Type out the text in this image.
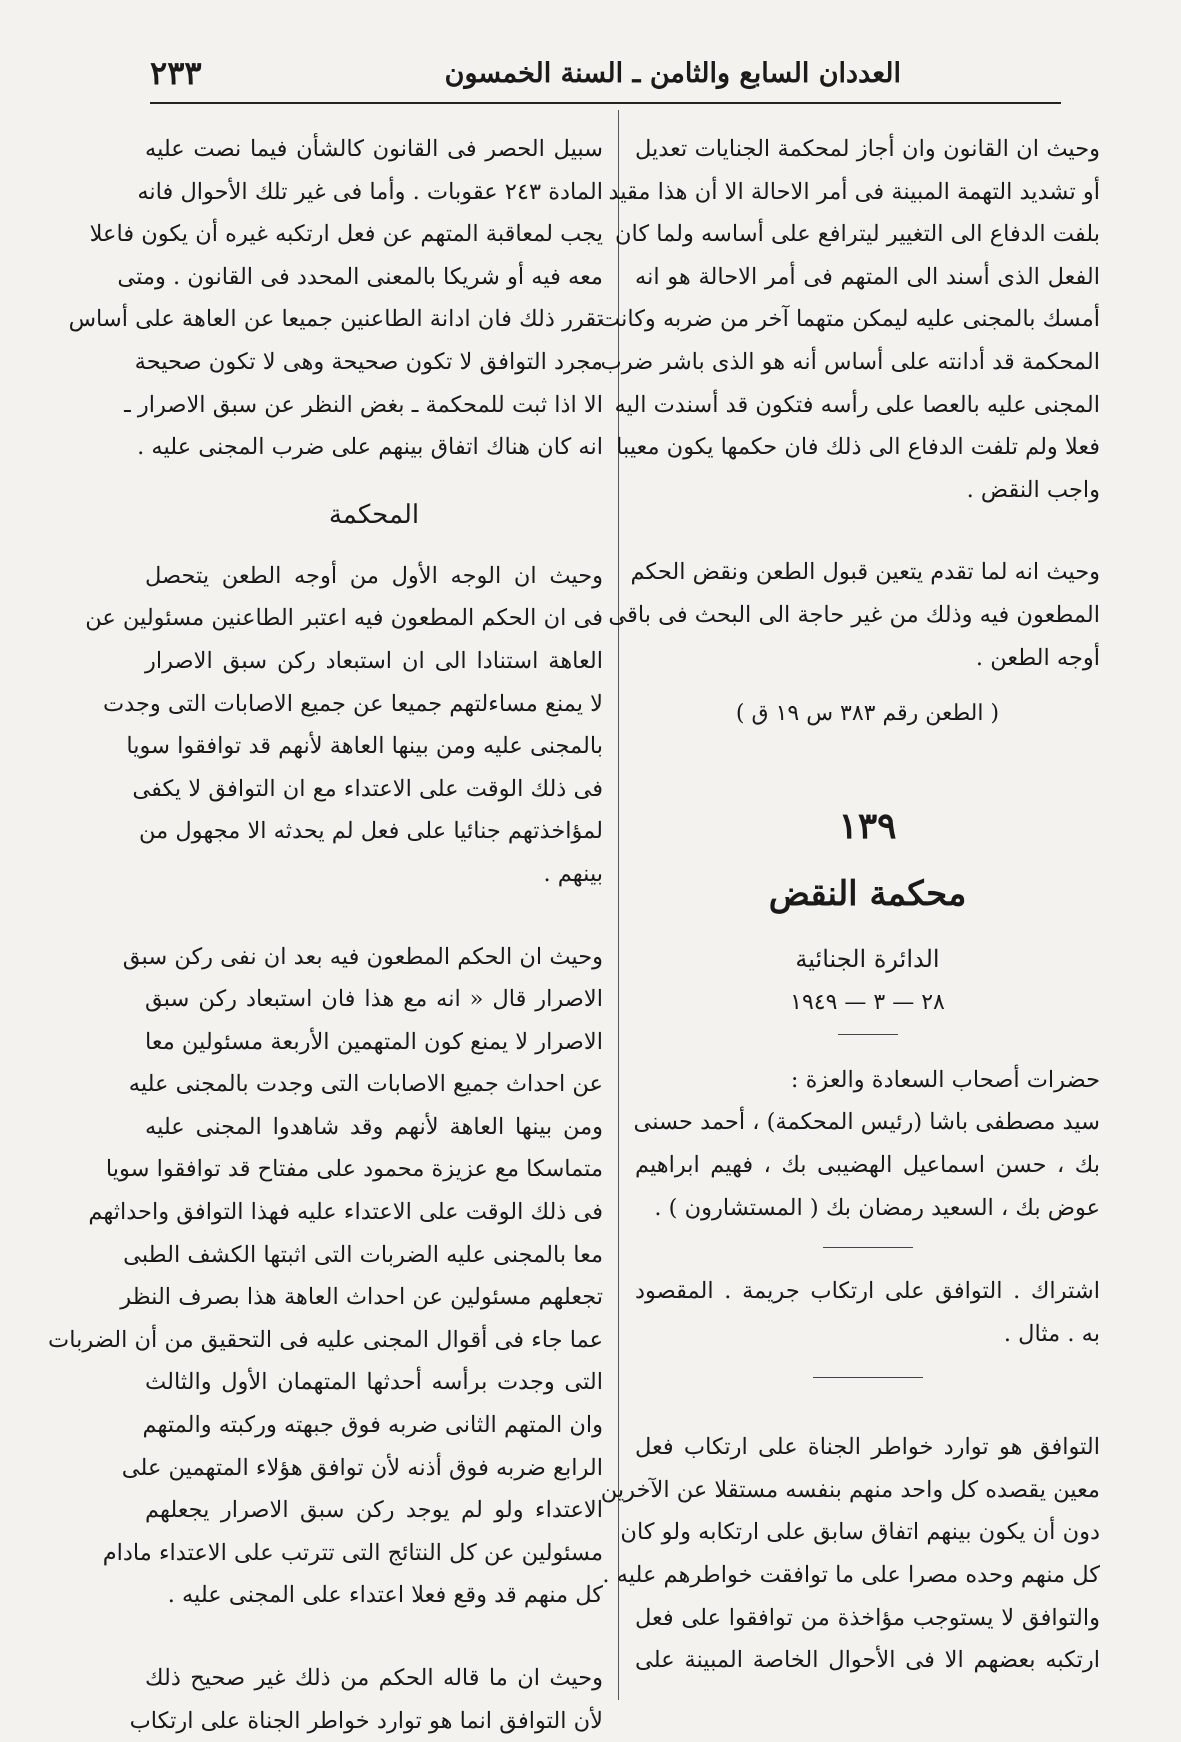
العددان السابع والثامن ـ السنة الخمسون
٢٣٣

وحيث ان القانون وان أجاز لمحكمة الجنايات تعديل
أو تشديد التهمة المبينة فى أمر الاحالة الا أن هذا مقيد
بلفت الدفاع الى التغيير ليترافع على أساسه ولما كان
الفعل الذى أسند الى المتهم فى أمر الاحالة هو انه
أمسك بالمجنى عليه ليمكن متهما آخر من ضربه وكانت
المحكمة قد أدانته على أساس أنه هو الذى باشر ضرب
المجنى عليه بالعصا على رأسه فتكون قد أسندت اليه
فعلا ولم تلفت الدفاع الى ذلك فان حكمها يكون معيبا
واجب النقض .

وحيث انه لما تقدم يتعين قبول الطعن ونقض الحكم
المطعون فيه وذلك من غير حاجة الى البحث فى باقى
أوجه الطعن .

( الطعن رقم ٣٨٣ س ١٩ ق )

١٣٩
محكمة النقض
الدائرة الجنائية
٢٨ — ٣ — ١٩٤٩

حضرات أصحاب السعادة والعزة :
سيد مصطفى باشا (رئيس المحكمة) ، أحمد حسنى
بك ، حسن اسماعيل الهضيبى بك ، فهيم ابراهيم
عوض بك ، السعيد رمضان بك ( المستشارون ) .

اشتراك . التوافق على ارتكاب جريمة . المقصود
به . مثال .

التوافق هو توارد خواطر الجناة على ارتكاب فعل
معين يقصده كل واحد منهم بنفسه مستقلا عن الآخرين
دون أن يكون بينهم اتفاق سابق على ارتكابه ولو كان
كل منهم وحده مصرا على ما توافقت خواطرهم عليه .
والتوافق لا يستوجب مؤاخذة من توافقوا على فعل
ارتكبه بعضهم الا فى الأحوال الخاصة المبينة على

سبيل الحصر فى القانون كالشأن فيما نصت عليه
المادة ٢٤٣ عقوبات . وأما فى غير تلك الأحوال فانه
يجب لمعاقبة المتهم عن فعل ارتكبه غيره أن يكون فاعلا
معه فيه أو شريكا بالمعنى المحدد فى القانون . ومتى
تقرر ذلك فان ادانة الطاعنين جميعا عن العاهة على أساس
مجرد التوافق لا تكون صحيحة وهى لا تكون صحيحة
الا اذا ثبت للمحكمة ـ بغض النظر عن سبق الاصرار ـ
انه كان هناك اتفاق بينهم على ضرب المجنى عليه .

المحكمة

وحيث ان الوجه الأول من أوجه الطعن يتحصل
فى ان الحكم المطعون فيه اعتبر الطاعنين مسئولين عن
العاهة استنادا الى ان استبعاد ركن سبق الاصرار
لا يمنع مساءلتهم جميعا عن جميع الاصابات التى وجدت
بالمجنى عليه ومن بينها العاهة لأنهم قد توافقوا سويا
فى ذلك الوقت على الاعتداء مع ان التوافق لا يكفى
لمؤاخذتهم جنائيا على فعل لم يحدثه الا مجهول من
بينهم .

وحيث ان الحكم المطعون فيه بعد ان نفى ركن سبق
الاصرار قال « انه مع هذا فان استبعاد ركن سبق
الاصرار لا يمنع كون المتهمين الأربعة مسئولين معا
عن احداث جميع الاصابات التى وجدت بالمجنى عليه
ومن بينها العاهة لأنهم وقد شاهدوا المجنى عليه
متماسكا مع عزيزة محمود على مفتاح قد توافقوا سويا
فى ذلك الوقت على الاعتداء عليه فهذا التوافق واحداثهم
معا بالمجنى عليه الضربات التى اثبتها الكشف الطبى
تجعلهم مسئولين عن احداث العاهة هذا بصرف النظر
عما جاء فى أقوال المجنى عليه فى التحقيق من أن الضربات
التى وجدت برأسه أحدثها المتهمان الأول والثالث
وان المتهم الثانى ضربه فوق جبهته وركبته والمتهم
الرابع ضربه فوق أذنه لأن توافق هؤلاء المتهمين على
الاعتداء ولو لم يوجد ركن سبق الاصرار يجعلهم
مسئولين عن كل النتائج التى تترتب على الاعتداء مادام
كل منهم قد وقع فعلا اعتداء على المجنى عليه .

وحيث ان ما قاله الحكم من ذلك غير صحيح ذلك
لأن التوافق انما هو توارد خواطر الجناة على ارتكاب
